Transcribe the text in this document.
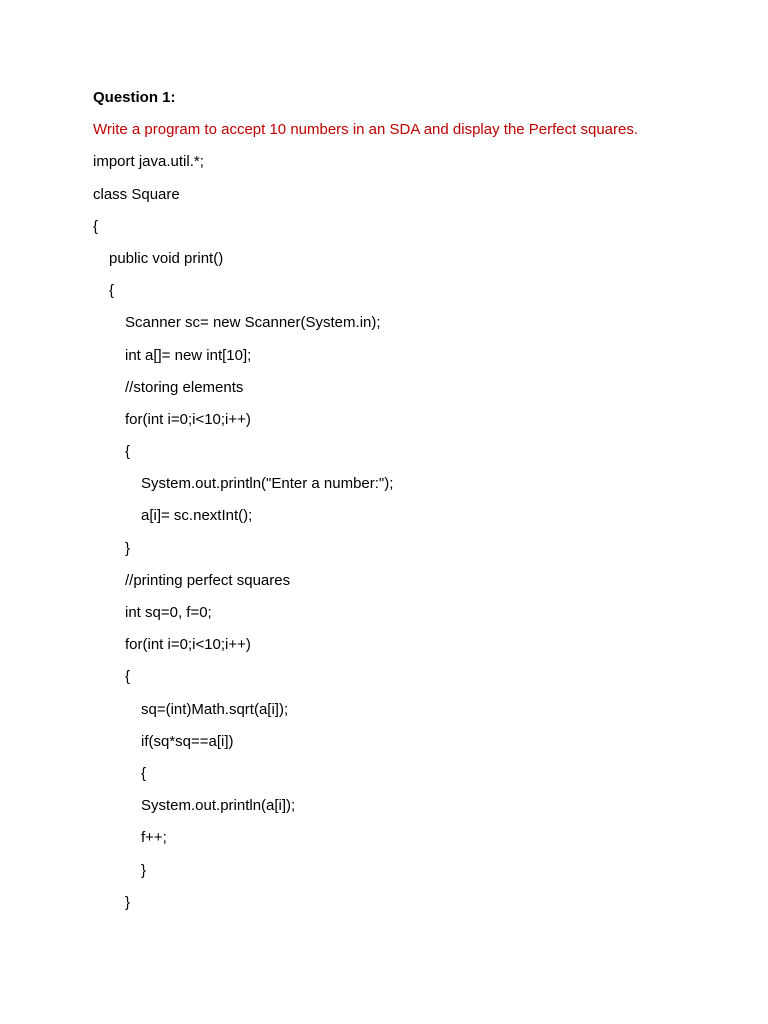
Question 1:
Write a program to accept 10 numbers in an SDA and display the Perfect squares.
import java.util.*;
class Square
{
public void print()
{
Scanner sc= new Scanner(System.in);
int a[]= new int[10];
//storing elements
for(int i=0;i<10;i++)
{
System.out.println("Enter a number:");
a[i]= sc.nextInt();
}
//printing perfect squares
int sq=0, f=0;
for(int i=0;i<10;i++)
{
sq=(int)Math.sqrt(a[i]);
if(sq*sq==a[i])
{
System.out.println(a[i]);
f++;
}
}
